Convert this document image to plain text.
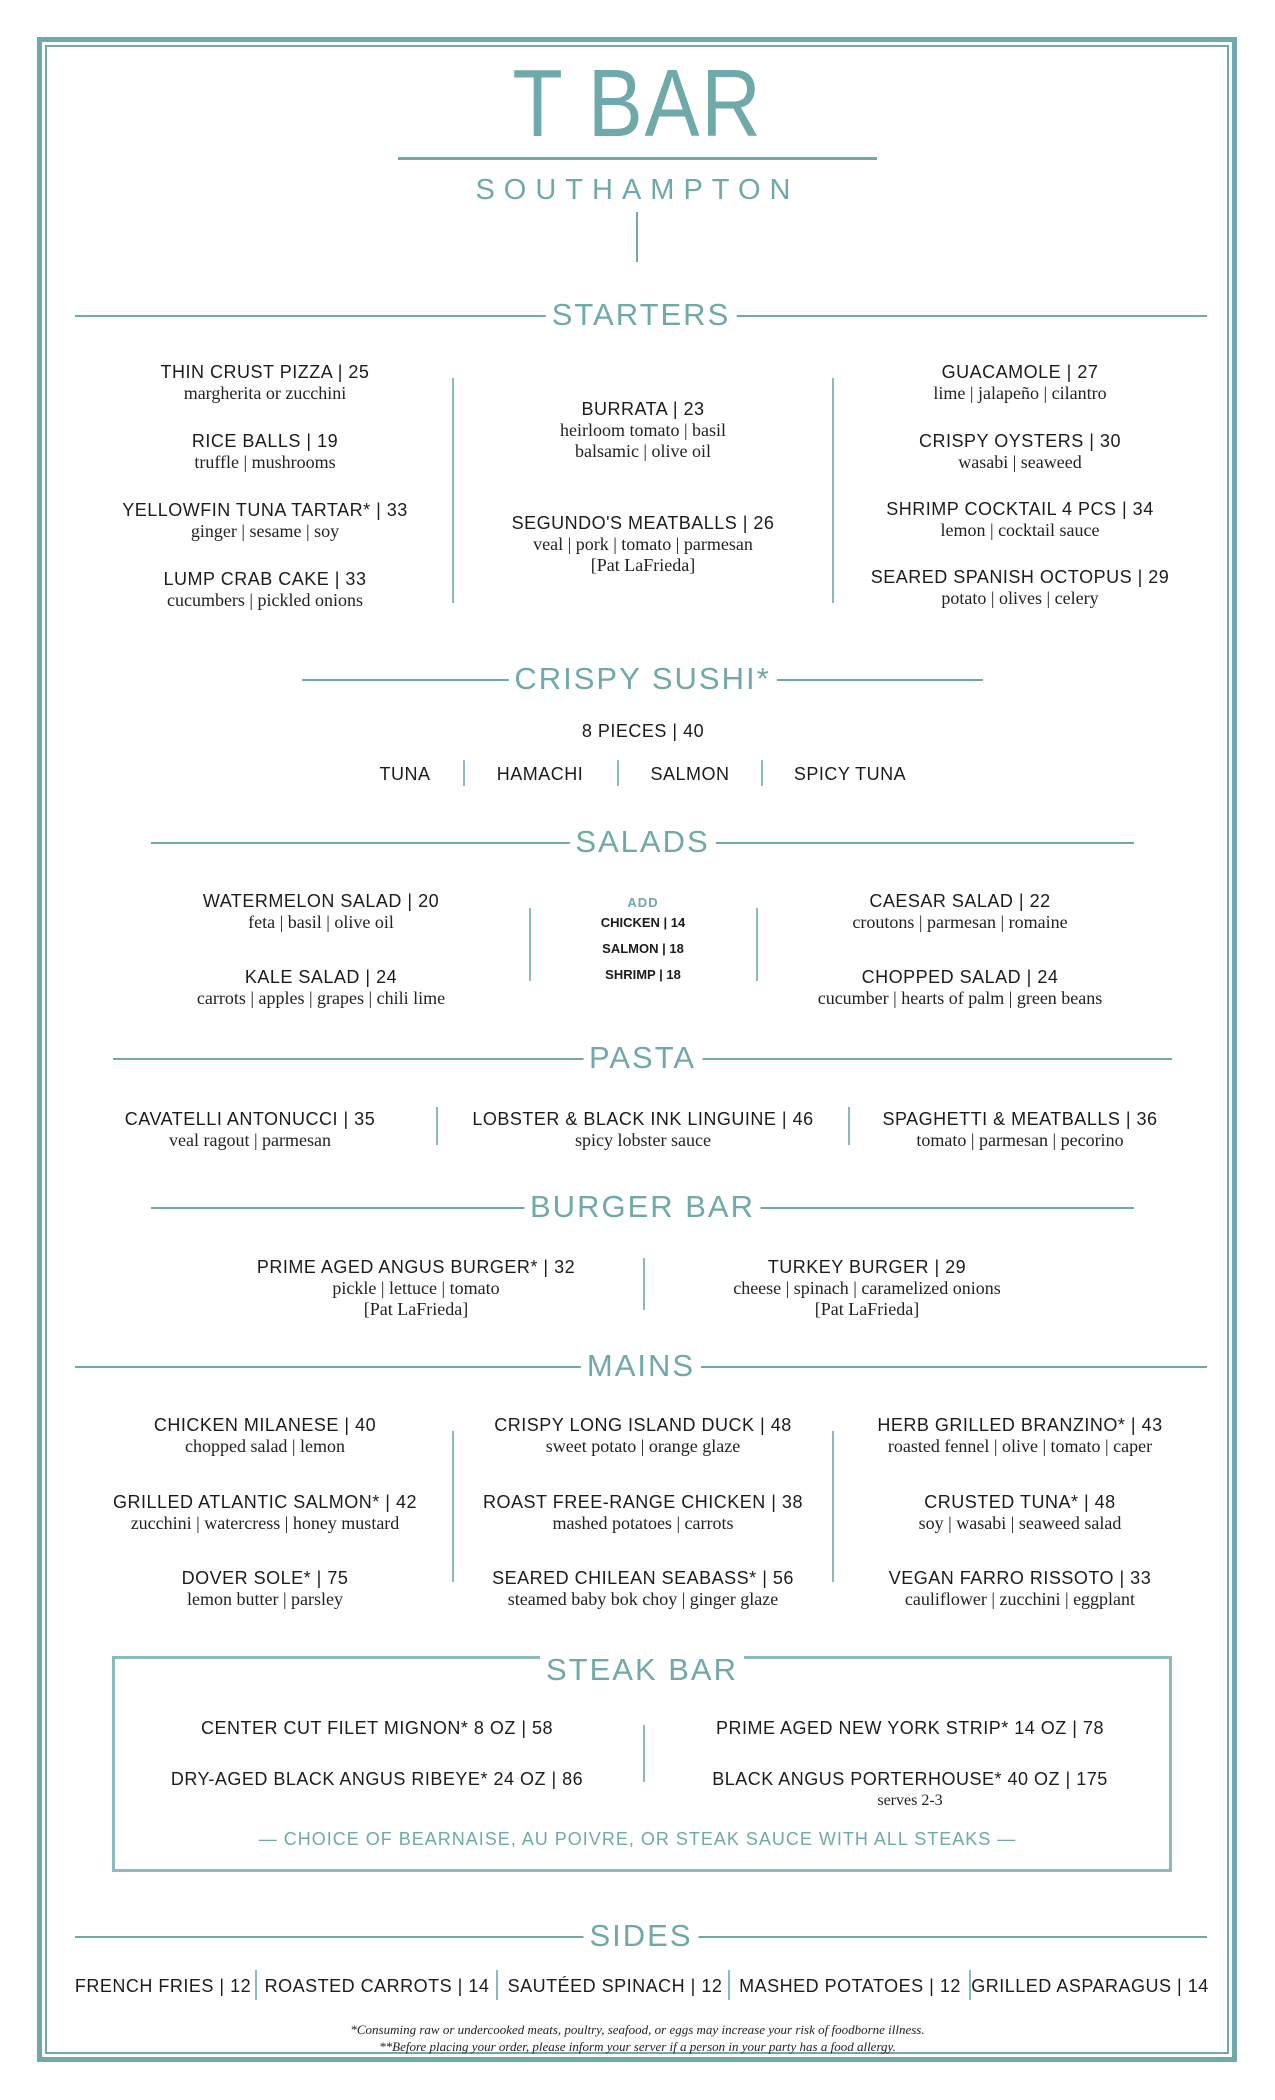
T BAR
SOUTHAMPTON
STARTERS
THIN CRUST PIZZA | 25
margherita or zucchini
RICE BALLS | 19
truffle | mushrooms
YELLOWFIN TUNA TARTAR* | 33
ginger | sesame | soy
LUMP CRAB CAKE | 33
cucumbers | pickled onions
BURRATA | 23
heirloom tomato | basil
balsamic | olive oil
SEGUNDO'S MEATBALLS | 26
veal | pork | tomato | parmesan
[Pat LaFrieda]
GUACAMOLE | 27
lime | jalapeño | cilantro
CRISPY OYSTERS | 30
wasabi | seaweed
SHRIMP COCKTAIL 4 PCS | 34
lemon | cocktail sauce
SEARED SPANISH OCTOPUS | 29
potato | olives | celery
CRISPY SUSHI*
8 PIECES | 40
TUNA	HAMACHI	SALMON	SPICY TUNA
SALADS
WATERMELON SALAD | 20
feta | basil | olive oil
KALE SALAD | 24
carrots | apples | grapes | chili lime
ADD
CHICKEN | 14
SALMON | 18
SHRIMP | 18
CAESAR SALAD | 22
croutons | parmesan | romaine
CHOPPED SALAD | 24
cucumber | hearts of palm | green beans
PASTA
CAVATELLI ANTONUCCI | 35
veal ragout | parmesan
LOBSTER & BLACK INK LINGUINE | 46
spicy lobster sauce
SPAGHETTI & MEATBALLS | 36
tomato | parmesan | pecorino
BURGER BAR
PRIME AGED ANGUS BURGER* | 32
pickle | lettuce | tomato
[Pat LaFrieda]
TURKEY BURGER | 29
cheese | spinach | caramelized onions
[Pat LaFrieda]
MAINS
CHICKEN MILANESE | 40
chopped salad | lemon
GRILLED ATLANTIC SALMON* | 42
zucchini | watercress | honey mustard
DOVER SOLE* | 75
lemon butter | parsley
CRISPY LONG ISLAND DUCK | 48
sweet potato | orange glaze
ROAST FREE-RANGE CHICKEN | 38
mashed potatoes | carrots
SEARED CHILEAN SEABASS* | 56
steamed baby bok choy | ginger glaze
HERB GRILLED BRANZINO* | 43
roasted fennel | olive | tomato | caper
CRUSTED TUNA* | 48
soy | wasabi | seaweed salad
VEGAN FARRO RISSOTO | 33
cauliflower | zucchini | eggplant
STEAK BAR
CENTER CUT FILET MIGNON* 8 OZ | 58
DRY-AGED BLACK ANGUS RIBEYE* 24 OZ | 86
PRIME AGED NEW YORK STRIP* 14 OZ | 78
BLACK ANGUS PORTERHOUSE* 40 OZ | 175
serves 2-3
— CHOICE OF BEARNAISE, AU POIVRE, OR STEAK SAUCE WITH ALL STEAKS —
SIDES
FRENCH FRIES | 12 ROASTED CARROTS | 14 SAUTÉED SPINACH | 12 MASHED POTATOES | 12 GRILLED ASPARAGUS | 14
*Consuming raw or undercooked meats, poultry, seafood, or eggs may increase your risk of foodborne illness.
**Before placing your order, please inform your server if a person in your party has a food allergy.
